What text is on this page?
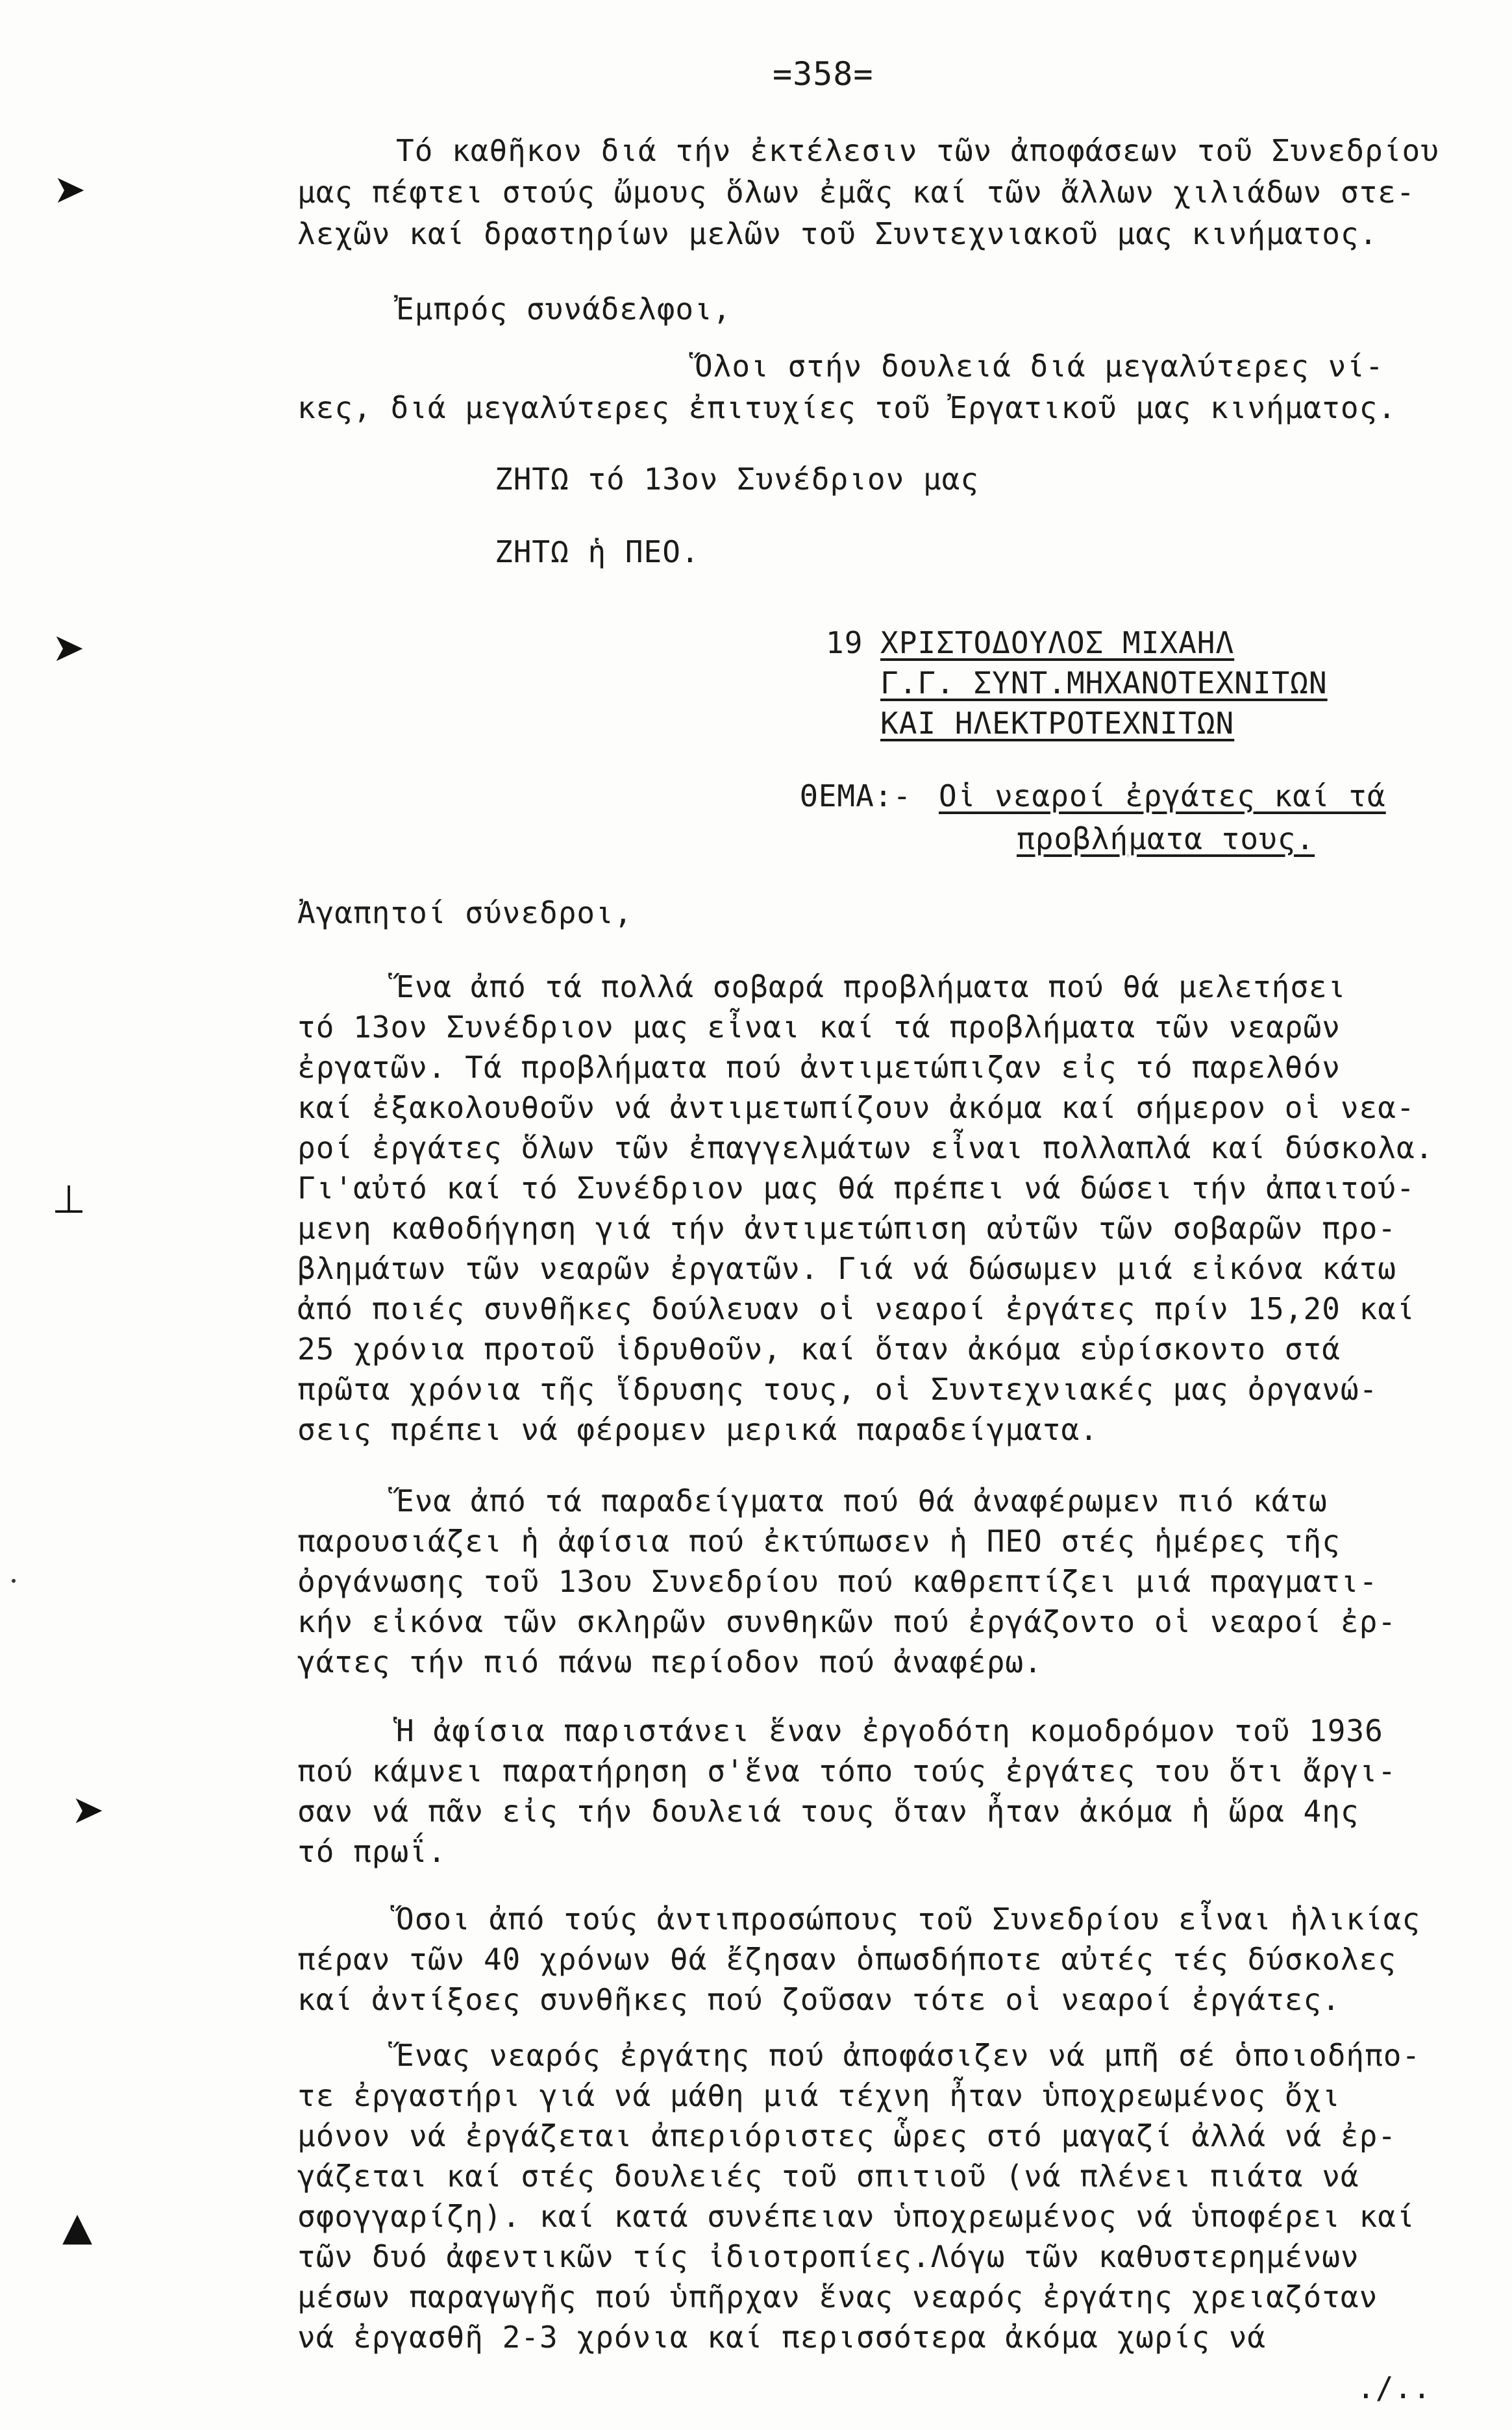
=358=
➤
➤
⊥
➤
▲
Τό καθῆκον διά τήν ἐκτέλεσιν τῶν ἀποφάσεων τοῦ Συνεδρίου
μας πέφτει στούς ὤμους ὅλων ἐμᾶς καί τῶν ἄλλων χιλιάδων στε-
λεχῶν καί δραστηρίων μελῶν τοῦ Συντεχνιακοῦ μας κινήματος.
Ἐμπρός συνάδελφοι,
Ὅλοι στήν δουλειά διά μεγαλύτερες νί-
κες, διά μεγαλύτερες ἐπιτυχίες τοῦ Ἐργατικοῦ μας κινήματος.
ΖΗΤΩ τό 13ον Συνέδριον μας
ΖΗΤΩ ἡ ΠΕΟ.
19 ΧΡΙΣΤΟΔΟΥΛΟΣ ΜΙΧΑΗΛ
Γ.Γ. ΣΥΝΤ.ΜΗΧΑΝΟΤΕΧΝΙΤΩΝ
ΚΑΙ ΗΛΕΚΤΡΟΤΕΧΝΙΤΩΝ
ΘΕΜΑ:- Οἱ νεαροί ἐργάτες καί τά
προβλήματα τους.
Ἀγαπητοί σύνεδροι,
Ἕνα ἀπό τά πολλά σοβαρά προβλήματα πού θά μελετήσει
τό 13ον Συνέδριον μας εἶναι καί τά προβλήματα τῶν νεαρῶν
ἐργατῶν. Τά προβλήματα πού ἀντιμετώπιζαν εἰς τό παρελθόν
καί ἐξακολουθοῦν νά ἀντιμετωπίζουν ἀκόμα καί σήμερον οἱ νεα-
ροί ἐργάτες ὅλων τῶν ἐπαγγελμάτων εἶναι πολλαπλά καί δύσκολα.
Γι'αὐτό καί τό Συνέδριον μας θά πρέπει νά δώσει τήν ἀπαιτού-
μενη καθοδήγηση γιά τήν ἀντιμετώπιση αὐτῶν τῶν σοβαρῶν προ-
βλημάτων τῶν νεαρῶν ἐργατῶν. Γιά νά δώσωμεν μιά εἰκόνα κάτω
ἀπό ποιές συνθῆκες δούλευαν οἱ νεαροί ἐργάτες πρίν 15,20 καί
25 χρόνια προτοῦ ἱδρυθοῦν, καί ὅταν ἀκόμα εὑρίσκοντο στά
πρῶτα χρόνια τῆς ἵδρυσης τους, οἱ Συντεχνιακές μας ὀργανώ-
σεις πρέπει νά φέρομεν μερικά παραδείγματα.
Ἕνα ἀπό τά παραδείγματα πού θά ἀναφέρωμεν πιό κάτω
παρουσιάζει ἡ ἀφίσια πού ἐκτύπωσεν ἡ ΠΕΟ στές ἡμέρες τῆς
ὀργάνωσης τοῦ 13ου Συνεδρίου πού καθρεπτίζει μιά πραγματι-
κήν εἰκόνα τῶν σκληρῶν συνθηκῶν πού ἐργάζοντο οἱ νεαροί ἐρ-
γάτες τήν πιό πάνω περίοδον πού ἀναφέρω.
Ἡ ἀφίσια παριστάνει ἕναν ἐργοδότη κομοδρόμον τοῦ 1936
πού κάμνει παρατήρηση σ'ἕνα τόπο τούς ἐργάτες του ὅτι ἄργι-
σαν νά πᾶν εἰς τήν δουλειά τους ὅταν ἦταν ἀκόμα ἡ ὥρα 4ης
τό πρωΐ.
Ὅσοι ἀπό τούς ἀντιπροσώπους τοῦ Συνεδρίου εἶναι ἡλικίας
πέραν τῶν 40 χρόνων θά ἔζησαν ὁπωσδήποτε αὐτές τές δύσκολες
καί ἀντίξοες συνθῆκες πού ζοῦσαν τότε οἱ νεαροί ἐργάτες.
Ἕνας νεαρός ἐργάτης πού ἀποφάσιζεν νά μπῆ σέ ὁποιοδήπο-
τε ἐργαστήρι γιά νά μάθη μιά τέχνη ἦταν ὑποχρεωμένος ὄχι
μόνον νά ἐργάζεται ἀπεριόριστες ὧρες στό μαγαζί ἀλλά νά ἐρ-
γάζεται καί στές δουλειές τοῦ σπιτιοῦ (νά πλένει πιάτα νά
σφογγαρίζη). καί κατά συνέπειαν ὑποχρεωμένος νά ὑποφέρει καί
τῶν δυό ἀφεντικῶν τίς ἰδιοτροπίες.Λόγω τῶν καθυστερημένων
μέσων παραγωγῆς πού ὑπῆρχαν ἕνας νεαρός ἐργάτης χρειαζόταν
νά ἐργασθῆ 2-3 χρόνια καί περισσότερα ἀκόμα χωρίς νά
./..
